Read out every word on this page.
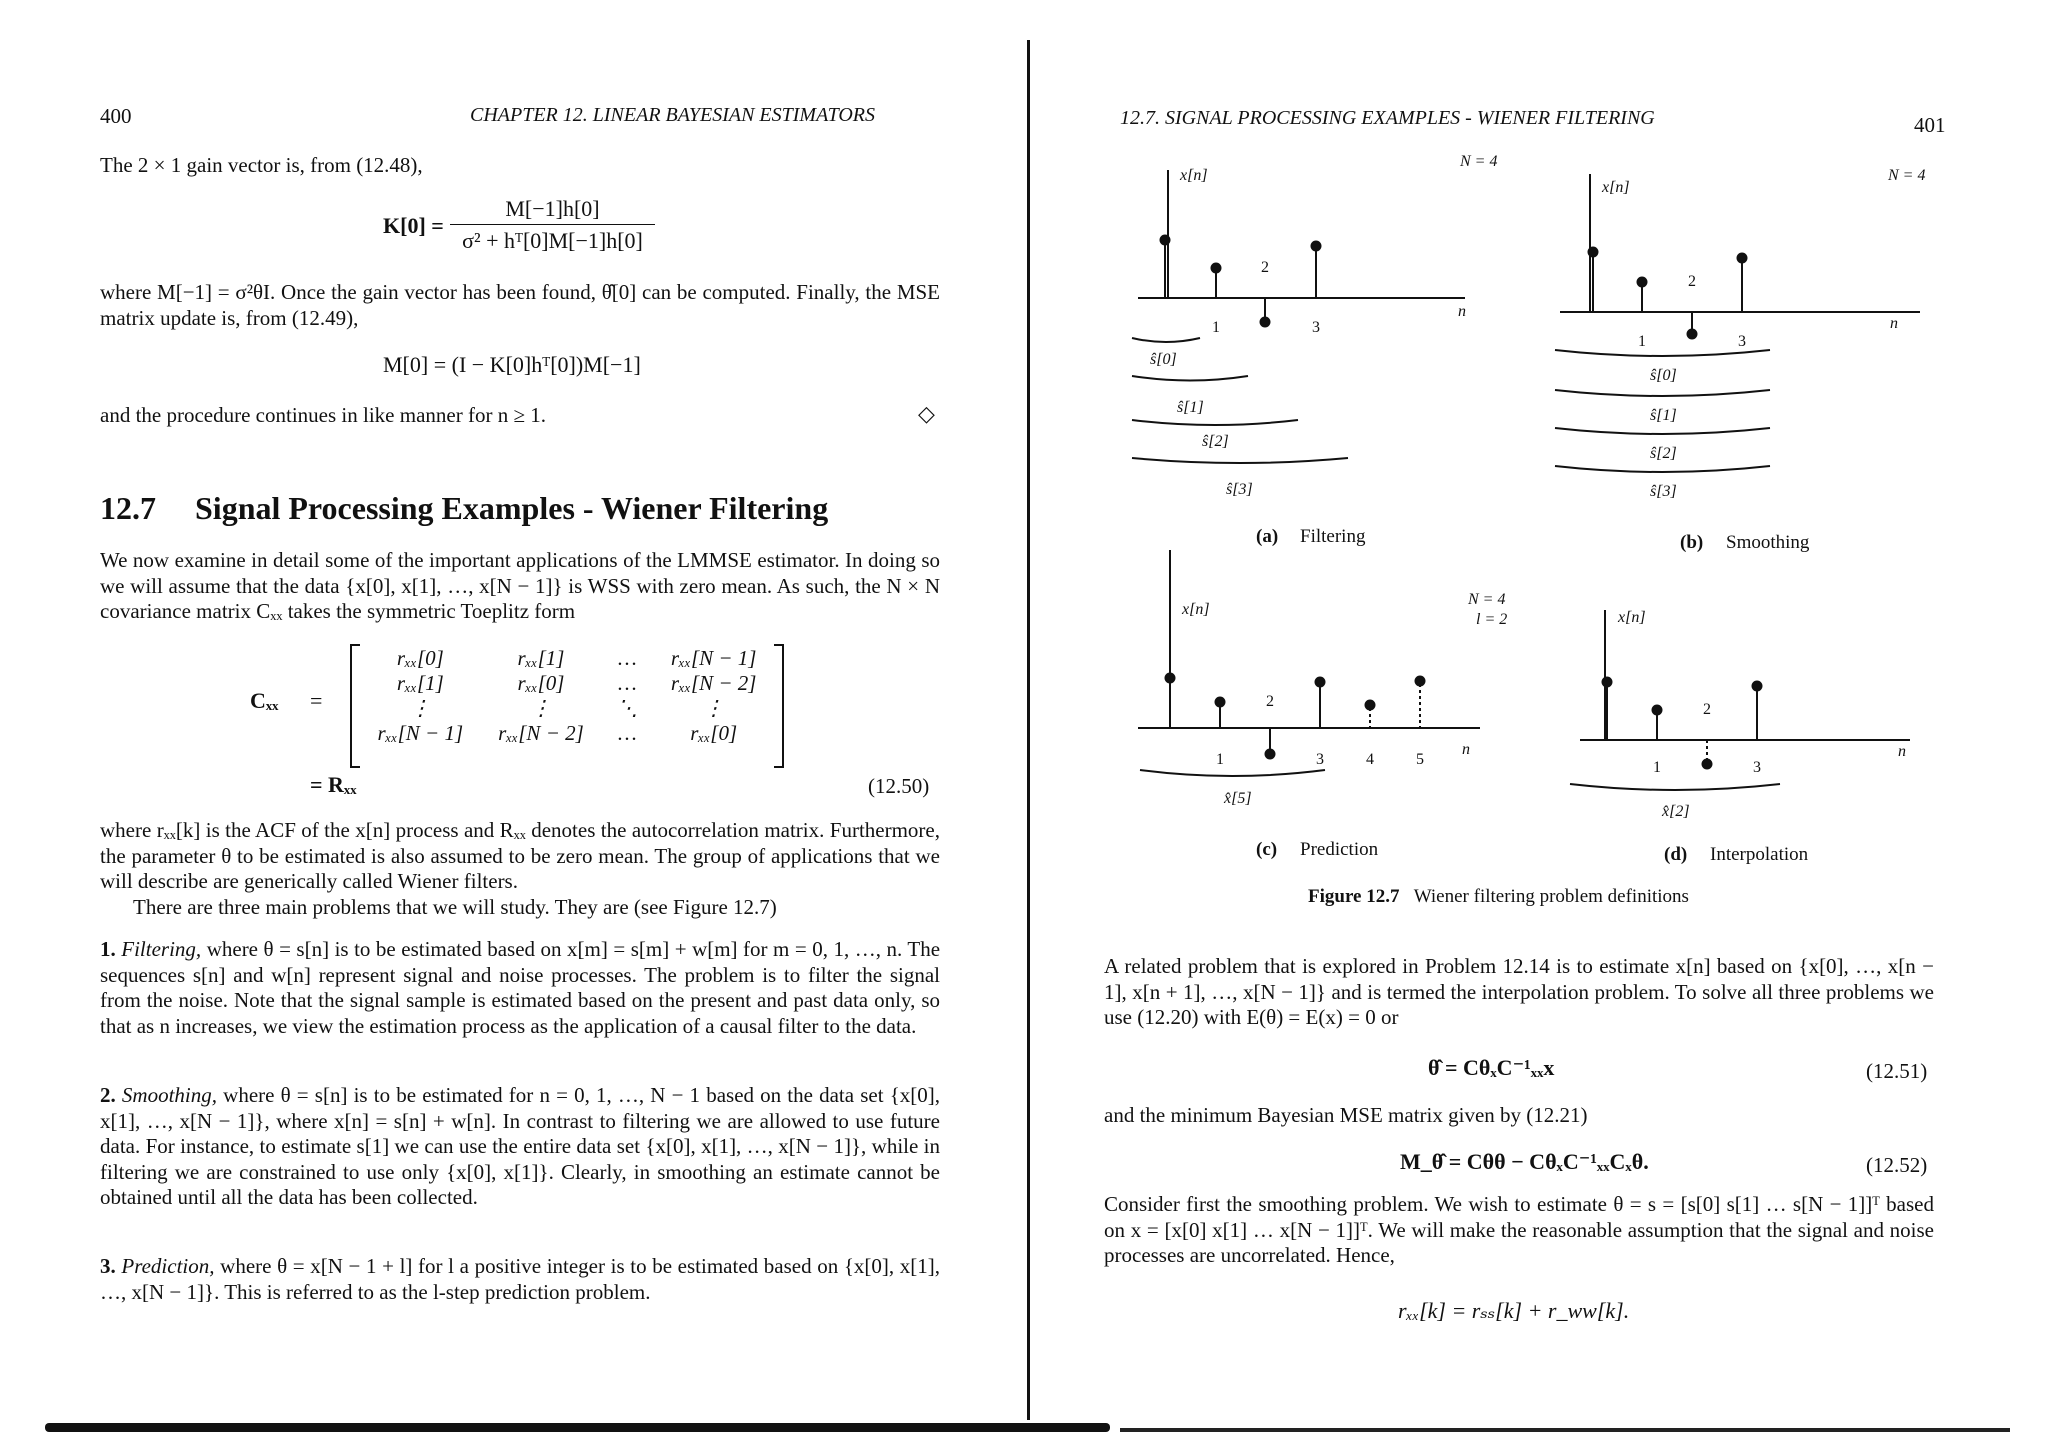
400	CHAPTER 12. LINEAR BAYESIAN ESTIMATORS
The 2 × 1 gain vector is, from (12.48),
K[0] =
M[−1]h[0]
σ² + hᵀ[0]M[−1]h[0]
where M[−1] = σ²θI. Once the gain vector has been found, θ̂[0] can be computed. Finally, the MSE matrix update is, from (12.49),
M[0] = (I − K[0]hᵀ[0])M[−1]
and the procedure continues in like manner for n ≥ 1.	◇
12.7 Signal Processing Examples - Wiener Filtering
We now examine in detail some of the important applications of the LMMSE estimator. In doing so we will assume that the data {x[0], x[1], …, x[N − 1]} is WSS with zero mean. As such, the N × N covariance matrix Cₓₓ takes the symmetric Toeplitz form
Cₓₓ =
rₓₓ[0]	rₓₓ[1]	…	rₓₓ[N − 1]
rₓₓ[1]	rₓₓ[0]	…	rₓₓ[N − 2]
⋮	⋮	⋱	⋮
rₓₓ[N − 1]	rₓₓ[N − 2]	…	rₓₓ[0]
= Rₓₓ	(12.50)
where rₓₓ[k] is the ACF of the x[n] process and Rₓₓ denotes the autocorrelation matrix. Furthermore, the parameter θ to be estimated is also assumed to be zero mean. The group of applications that we will describe are generically called Wiener filters.
There are three main problems that we will study. They are (see Figure 12.7)
1. Filtering, where θ = s[n] is to be estimated based on x[m] = s[m] + w[m] for m = 0, 1, …, n. The sequences s[n] and w[n] represent signal and noise processes. The problem is to filter the signal from the noise. Note that the signal sample is estimated based on the present and past data only, so that as n increases, we view the estimation process as the application of a causal filter to the data.
2. Smoothing, where θ = s[n] is to be estimated for n = 0, 1, …, N − 1 based on the data set {x[0], x[1], …, x[N − 1]}, where x[n] = s[n] + w[n]. In contrast to filtering we are allowed to use future data. For instance, to estimate s[1] we can use the entire data set {x[0], x[1], …, x[N − 1]}, while in filtering we are constrained to use only {x[0], x[1]}. Clearly, in smoothing an estimate cannot be obtained until all the data has been collected.
3. Prediction, where θ = x[N − 1 + l] for l a positive integer is to be estimated based on {x[0], x[1], …, x[N − 1]}. This is referred to as the l-step prediction problem.
12.7. SIGNAL PROCESSING EXAMPLES - WIENER FILTERING	401
x[n]
N = 4
n
1
2
3
ŝ[0]
ŝ[1]
ŝ[2]
ŝ[3]
x[n]
N = 4
n
1
2
3
ŝ[0]
ŝ[1]
ŝ[2]
ŝ[3]
x[n]
N = 4
l = 2
n
1
2
3	4	5
x̂[5]
x[n]
n
1
2
3
x̂[2]
(a) Filtering	(b) Smoothing
(c) Prediction	(d) Interpolation
Figure 12.7 Wiener filtering problem definitions
A related problem that is explored in Problem 12.14 is to estimate x[n] based on {x[0], …, x[n − 1], x[n + 1], …, x[N − 1]} and is termed the interpolation problem. To solve all three problems we use (12.20) with E(θ) = E(x) = 0 or
θ̂ = CθₓC⁻¹ₓₓx	(12.51)
and the minimum Bayesian MSE matrix given by (12.21)
M_θ̂ = Cθθ − CθₓC⁻¹ₓₓCₓθ.	(12.52)
Consider first the smoothing problem. We wish to estimate θ = s = [s[0] s[1] … s[N − 1]]ᵀ based on x = [x[0] x[1] … x[N − 1]]ᵀ. We will make the reasonable assumption that the signal and noise processes are uncorrelated. Hence,
rₓₓ[k] = rₛₛ[k] + r_ww[k].
